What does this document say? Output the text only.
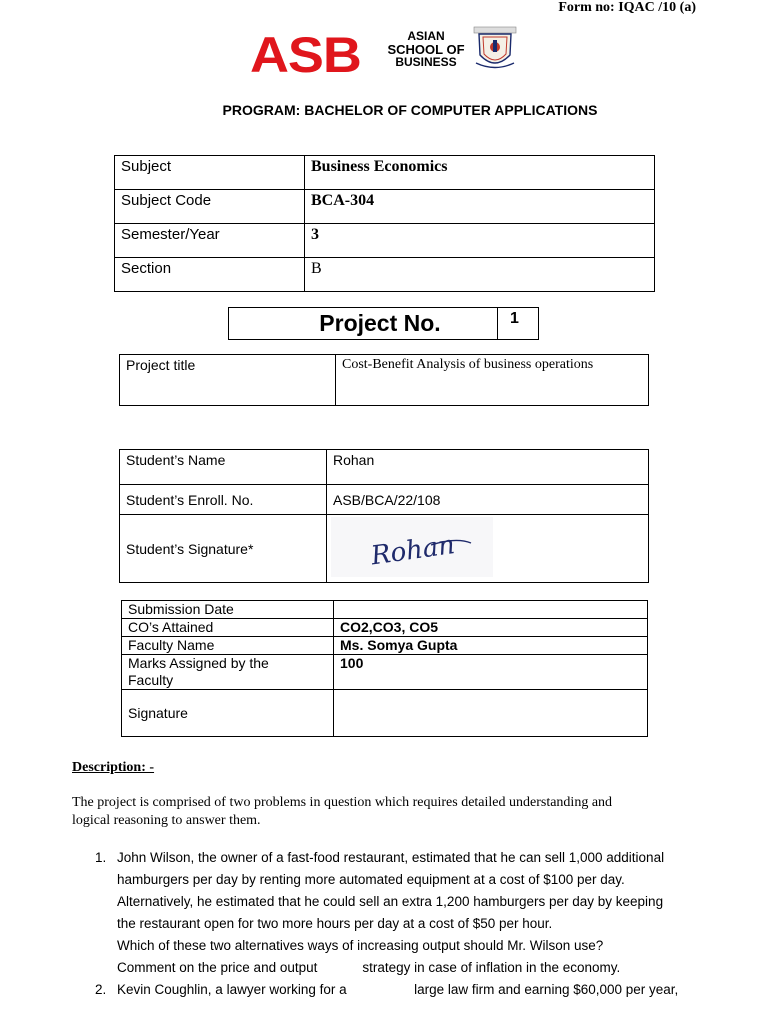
Form no: IQAC /10 (a)
ASB	ASIAN
SCHOOL OF
BUSINESS
PROGRAM: BACHELOR OF COMPUTER APPLICATIONS
Subject	Business Economics
Subject Code	BCA-304
Semester/Year	3
Section	B
Project No.	1
Project title	Cost-Benefit Analysis of business operations
Student’s Name	Rohan
Student’s Enroll. No.	ASB/BCA/22/108
Student’s Signature*	Rohan
Submission Date	
CO’s Attained	CO2,CO3, CO5
Faculty Name	Ms. Somya Gupta
Marks Assigned by the
Faculty	100
Signature	
Description: -
The project is comprised of two problems in question which requires detailed understanding and
logical reasoning to answer them.
1. John Wilson, the owner of a fast-food restaurant, estimated that he can sell 1,000 additional
hamburgers per day by renting more automated equipment at a cost of $100 per day.
Alternatively, he estimated that he could sell an extra 1,200 hamburgers per day by keeping
the restaurant open for two more hours per day at a cost of $50 per hour.
Which of these two alternatives ways of increasing output should Mr. Wilson use?
Comment on the price and output            strategy in case of inflation in the economy.
2. Kevin Coughlin, a lawyer working for a                  large law firm and earning $60,000 per year,
